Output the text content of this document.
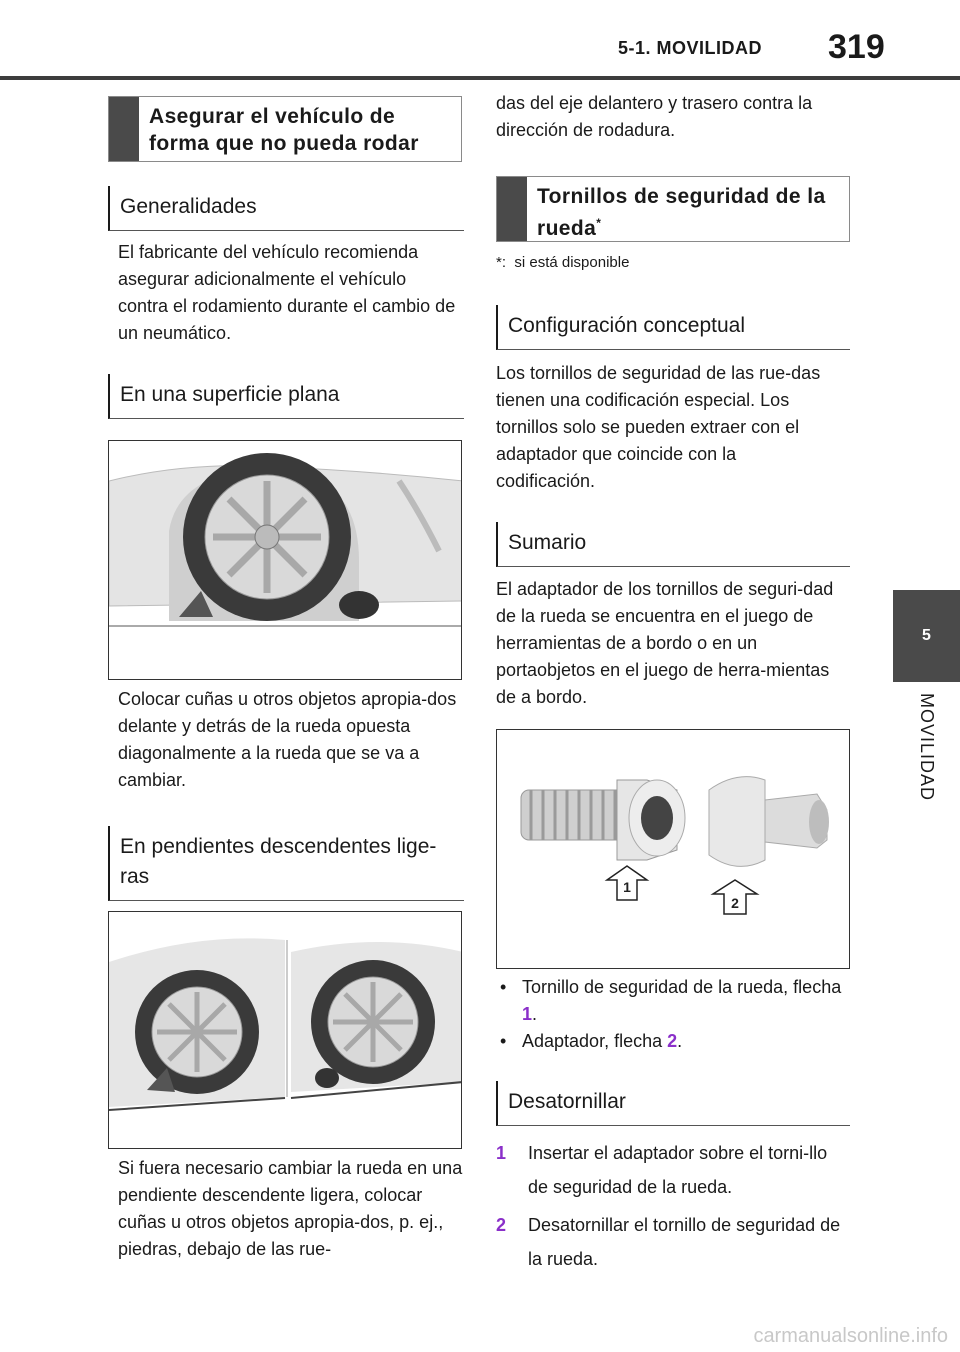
5-1. MOVILIDAD 319
5
MOVILIDAD
Asegurar el vehículo de forma que no pueda rodar
Generalidades
El fabricante del vehículo recomienda asegurar adicionalmente el vehículo contra el rodamiento durante el cambio de un neumático.
En una superficie plana
Colocar cuñas u otros objetos apropia-dos delante y detrás de la rueda opuesta diagonalmente a la rueda que se va a cambiar.
En pendientes descendentes lige-ras
Si fuera necesario cambiar la rueda en una pendiente descendente ligera, colocar cuñas u otros objetos apropia-dos, p. ej., piedras, debajo de las rue-
das del eje delantero y trasero contra la dirección de rodadura.
Tornillos de seguridad de la rueda*
*: si está disponible
Configuración conceptual
Los tornillos de seguridad de las rue-das tienen una codificación especial. Los tornillos solo se pueden extraer con el adaptador que coincide con la codificación.
Sumario
El adaptador de los tornillos de seguri-dad de la rueda se encuentra en el juego de herramientas de a bordo o en un portaobjetos en el juego de herra-mientas de a bordo.
1
2
• Tornillo de seguridad de la rueda, flecha 1.
• Adaptador, flecha 2.
Desatornillar
1 Insertar el adaptador sobre el torni-llo de seguridad de la rueda.
2 Desatornillar el tornillo de seguridad de la rueda.
carmanualsonline.info
